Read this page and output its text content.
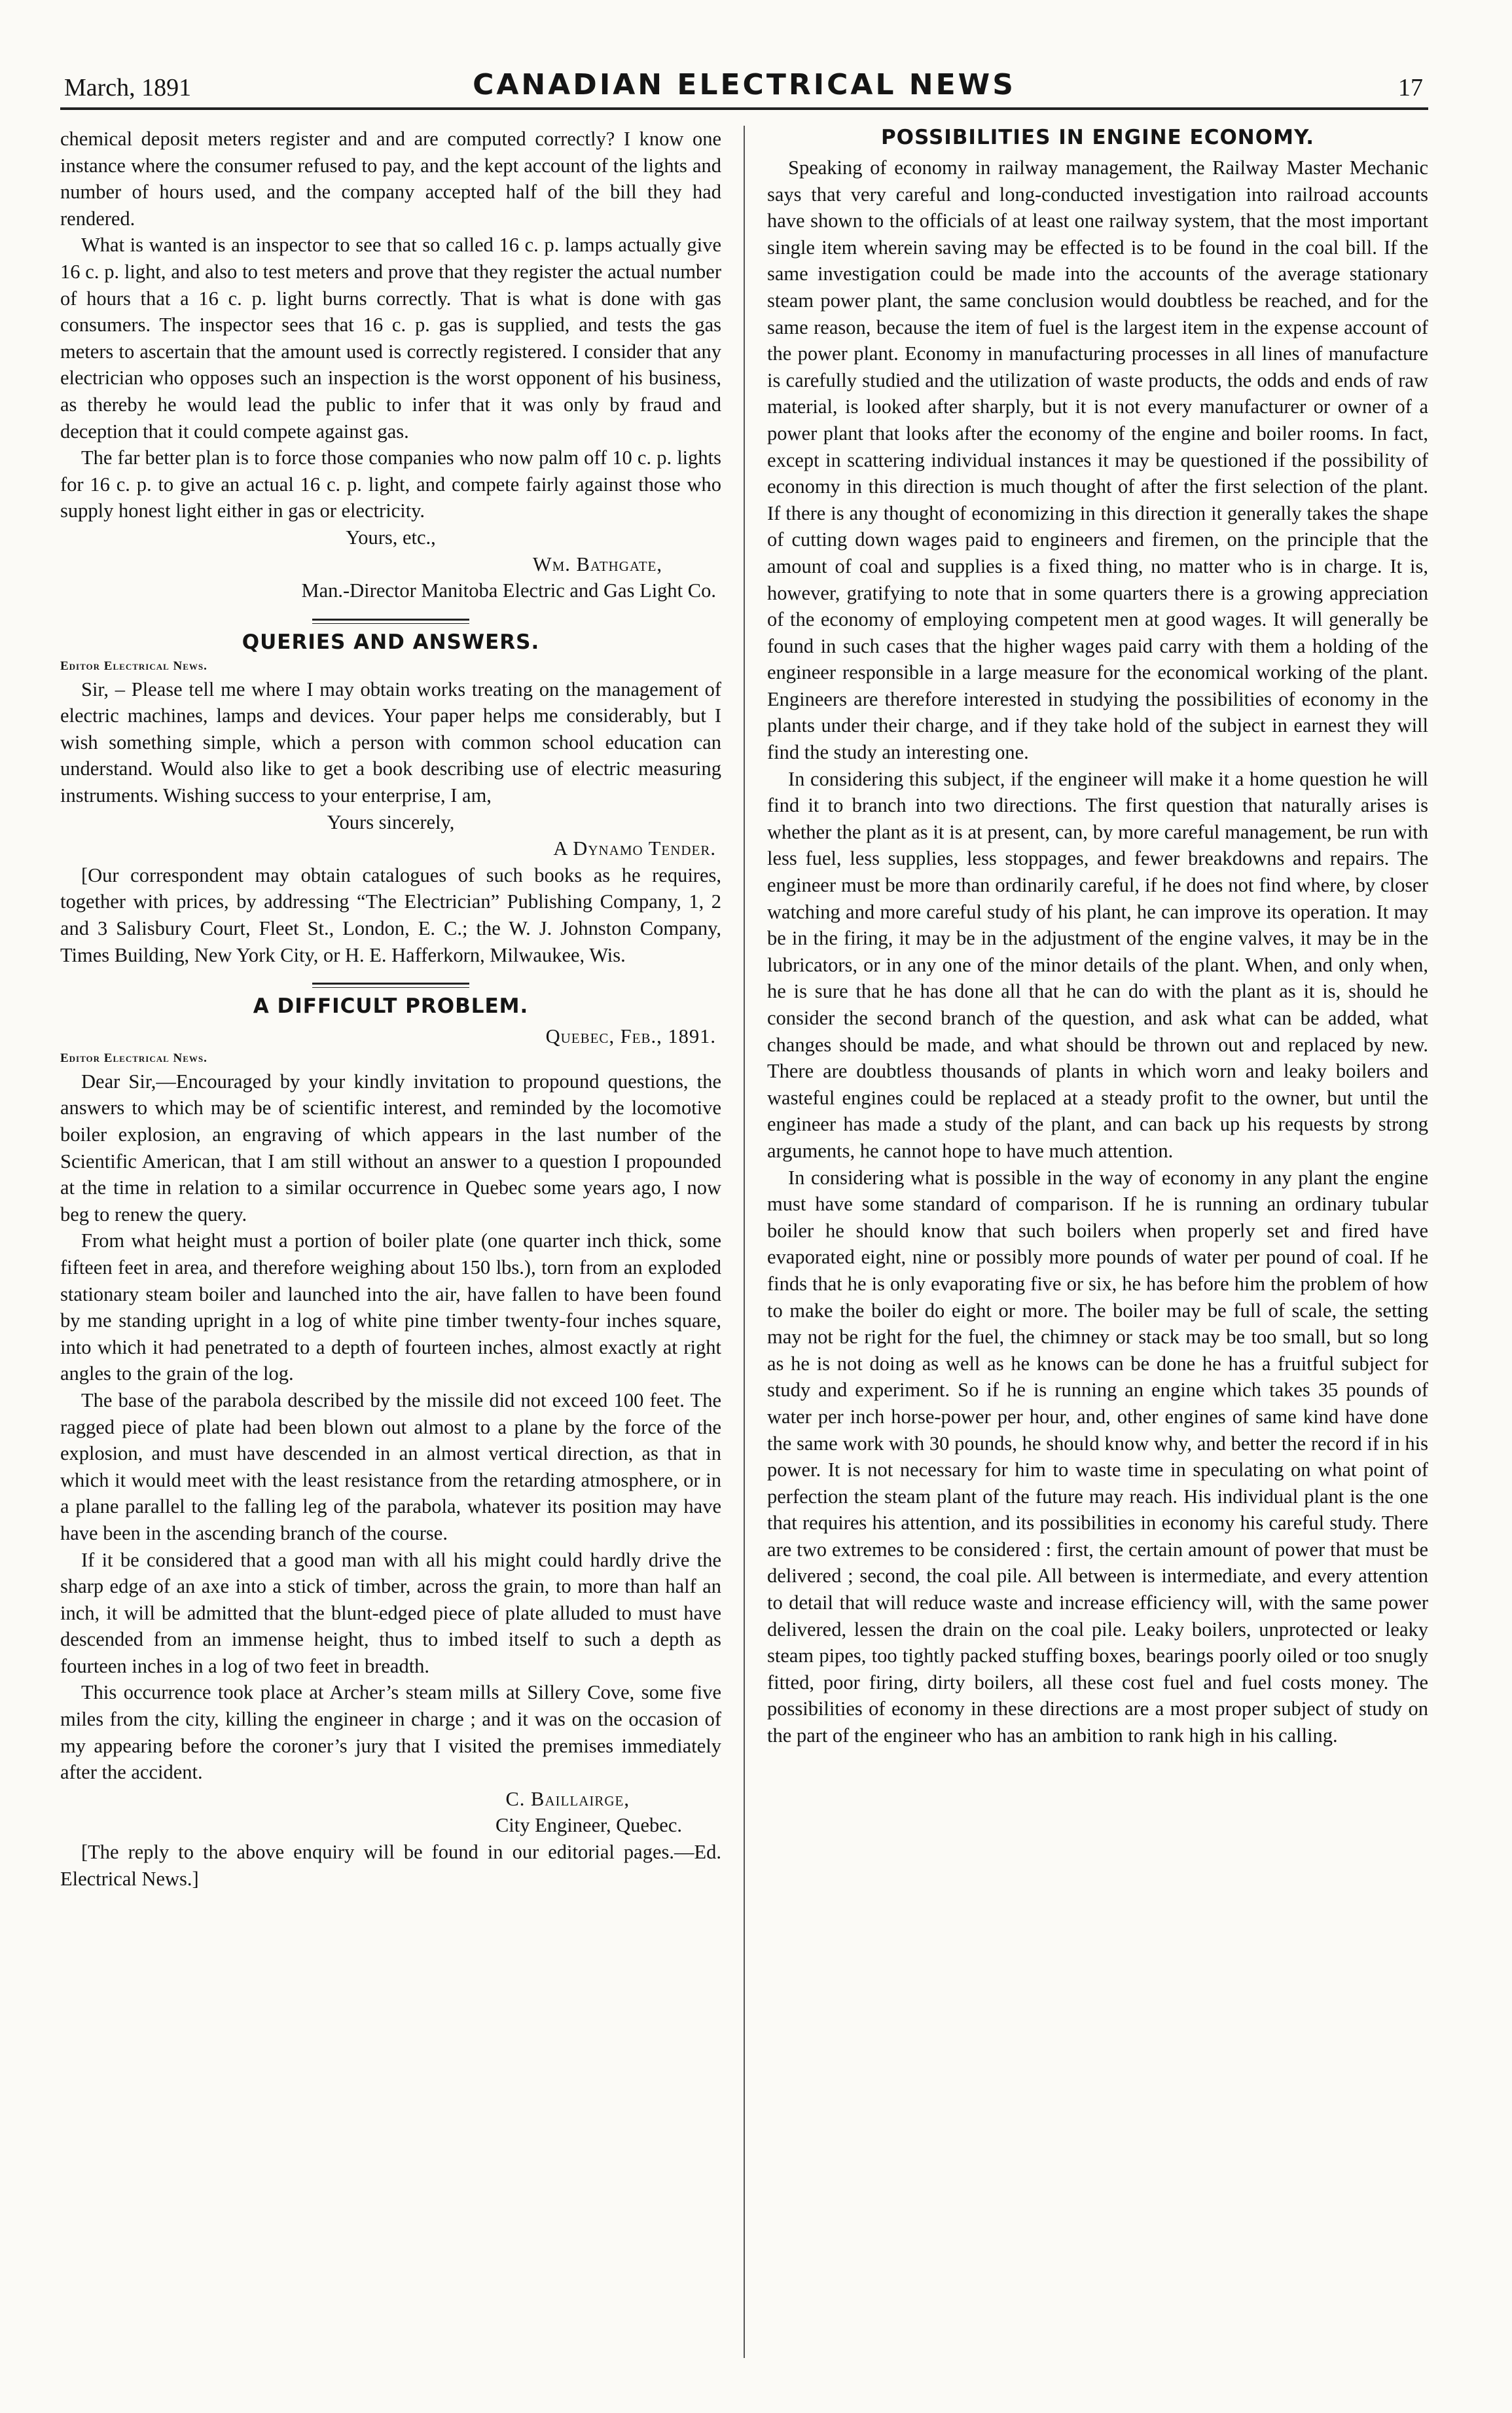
March, 1891	CANADIAN ELECTRICAL NEWS	17

chemical deposit meters register and and are computed correctly? I know one instance where the consumer refused to pay, and the kept account of the lights and number of hours used, and the company accepted half of the bill they had rendered.

What is wanted is an inspector to see that so called 16 c. p. lamps actually give 16 c. p. light, and also to test meters and prove that they register the actual number of hours that a 16 c. p. light burns correctly. That is what is done with gas consumers. The inspector sees that 16 c. p. gas is supplied, and tests the gas meters to ascertain that the amount used is correctly registered. I consider that any electrician who opposes such an inspection is the worst opponent of his business, as thereby he would lead the public to infer that it was only by fraud and deception that it could compete against gas.

The far better plan is to force those companies who now palm off 10 c. p. lights for 16 c. p. to give an actual 16 c. p. light, and compete fairly against those who supply honest light either in gas or electricity.

Yours, etc.,
Wm. Bathgate,
Man.-Director Manitoba Electric and Gas Light Co.
QUERIES AND ANSWERS.
Editor Electrical News.

Sir, – Please tell me where I may obtain works treating on the management of electric machines, lamps and devices. Your paper helps me considerably, but I wish something simple, which a person with common school education can understand. Would also like to get a book describing use of electric measuring instruments. Wishing success to your enterprise, I am,

Yours sincerely,
A Dynamo Tender.

[Our correspondent may obtain catalogues of such books as he requires, together with prices, by addressing “The Electrician” Publishing Company, 1, 2 and 3 Salisbury Court, Fleet St., London, E. C.; the W. J. Johnston Company, Times Building, New York City, or H. E. Hafferkorn, Milwaukee, Wis.

A DIFFICULT PROBLEM.
Quebec, Feb., 1891.
Editor Electrical News.

Dear Sir,—Encouraged by your kindly invitation to propound questions, the answers to which may be of scientific interest, and reminded by the locomotive boiler explosion, an engraving of which appears in the last number of the Scientific American, that I am still without an answer to a question I propounded at the time in relation to a similar occurrence in Quebec some years ago, I now beg to renew the query.

From what height must a portion of boiler plate (one quarter inch thick, some fifteen feet in area, and therefore weighing about 150 lbs.), torn from an exploded stationary steam boiler and launched into the air, have fallen to have been found by me standing upright in a log of white pine timber twenty-four inches square, into which it had penetrated to a depth of fourteen inches, almost exactly at right angles to the grain of the log.

The base of the parabola described by the missile did not exceed 100 feet. The ragged piece of plate had been blown out almost to a plane by the force of the explosion, and must have descended in an almost vertical direction, as that in which it would meet with the least resistance from the retarding atmosphere, or in a plane parallel to the falling leg of the parabola, whatever its position may have have been in the ascending branch of the course.

If it be considered that a good man with all his might could hardly drive the sharp edge of an axe into a stick of timber, across the grain, to more than half an inch, it will be admitted that the blunt-edged piece of plate alluded to must have descended from an immense height, thus to imbed itself to such a depth as fourteen inches in a log of two feet in breadth.

This occurrence took place at Archer’s steam mills at Sillery Cove, some five miles from the city, killing the engineer in charge ; and it was on the occasion of my appearing before the coroner’s jury that I visited the premises immediately after the accident.

C. Baillairge,
City Engineer, Quebec.

[The reply to the above enquiry will be found in our editorial pages.—Ed. Electrical News.]

POSSIBILITIES IN ENGINE ECONOMY.

Speaking of economy in railway management, the Railway Master Mechanic says that very careful and long-conducted investigation into railroad accounts have shown to the officials of at least one railway system, that the most important single item wherein saving may be effected is to be found in the coal bill. If the same investigation could be made into the accounts of the average stationary steam power plant, the same conclusion would doubtless be reached, and for the same reason, because the item of fuel is the largest item in the expense account of the power plant. Economy in manufacturing processes in all lines of manufacture is carefully studied and the utilization of waste products, the odds and ends of raw material, is looked after sharply, but it is not every manufacturer or owner of a power plant that looks after the economy of the engine and boiler rooms. In fact, except in scattering individual instances it may be questioned if the possibility of economy in this direction is much thought of after the first selection of the plant. If there is any thought of economizing in this direction it generally takes the shape of cutting down wages paid to engineers and firemen, on the principle that the amount of coal and supplies is a fixed thing, no matter who is in charge. It is, however, gratifying to note that in some quarters there is a growing appreciation of the economy of employing competent men at good wages. It will generally be found in such cases that the higher wages paid carry with them a holding of the engineer responsible in a large measure for the economical working of the plant. Engineers are therefore interested in studying the possibilities of economy in the plants under their charge, and if they take hold of the subject in earnest they will find the study an interesting one.

In considering this subject, if the engineer will make it a home question he will find it to branch into two directions. The first question that naturally arises is whether the plant as it is at present, can, by more careful management, be run with less fuel, less supplies, less stoppages, and fewer breakdowns and repairs. The engineer must be more than ordinarily careful, if he does not find where, by closer watching and more careful study of his plant, he can improve its operation. It may be in the firing, it may be in the adjustment of the engine valves, it may be in the lubricators, or in any one of the minor details of the plant. When, and only when, he is sure that he has done all that he can do with the plant as it is, should he consider the second branch of the question, and ask what can be added, what changes should be made, and what should be thrown out and replaced by new. There are doubtless thousands of plants in which worn and leaky boilers and wasteful engines could be replaced at a steady profit to the owner, but until the engineer has made a study of the plant, and can back up his requests by strong arguments, he cannot hope to have much attention.

In considering what is possible in the way of economy in any plant the engine must have some standard of comparison. If he is running an ordinary tubular boiler he should know that such boilers when properly set and fired have evaporated eight, nine or possibly more pounds of water per pound of coal. If he finds that he is only evaporating five or six, he has before him the problem of how to make the boiler do eight or more. The boiler may be full of scale, the setting may not be right for the fuel, the chimney or stack may be too small, but so long as he is not doing as well as he knows can be done he has a fruitful subject for study and experiment. So if he is running an engine which takes 35 pounds of water per inch horse-power per hour, and, other engines of same kind have done the same work with 30 pounds, he should know why, and better the record if in his power. It is not necessary for him to waste time in speculating on what point of perfection the steam plant of the future may reach. His individual plant is the one that requires his attention, and its possibilities in economy his careful study. There are two extremes to be considered : first, the certain amount of power that must be delivered ; second, the coal pile. All between is intermediate, and every attention to detail that will reduce waste and increase efficiency will, with the same power delivered, lessen the drain on the coal pile. Leaky boilers, unprotected or leaky steam pipes, too tightly packed stuffing boxes, bearings poorly oiled or too snugly fitted, poor firing, dirty boilers, all these cost fuel and fuel costs money. The possibilities of economy in these directions are a most proper subject of study on the part of the engineer who has an ambition to rank high in his calling.
